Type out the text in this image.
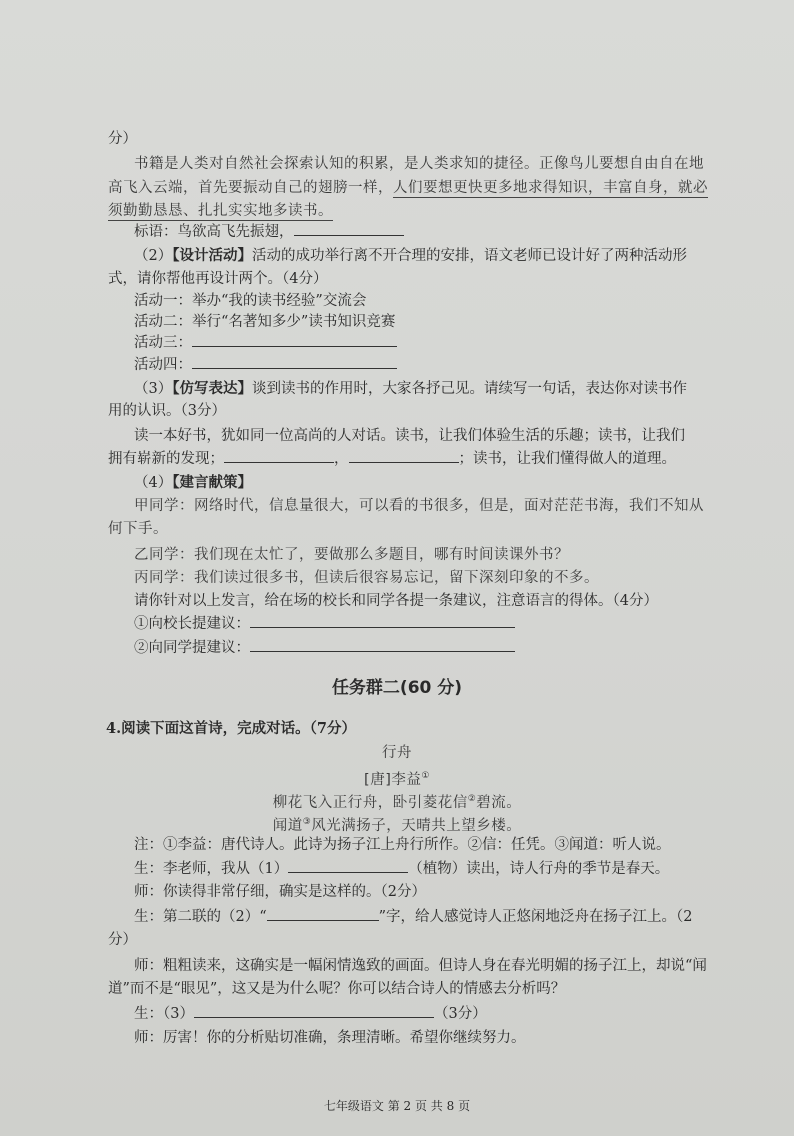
分）
书籍是人类对自然社会探索认知的积累，是人类求知的捷径。正像鸟儿要想自由自在地
高飞入云端，首先要振动自己的翅膀一样，人们要想更快更多地求得知识，丰富自身，就必
须勤勤恳恳、扎扎实实地多读书。
标语：鸟欲高飞先振翅，
（2）【设计活动】活动的成功举行离不开合理的安排，语文老师已设计好了两种活动形
式，请你帮他再设计两个。（4分）
活动一：举办“我的读书经验”交流会
活动二：举行“名著知多少”读书知识竞赛
活动三：
活动四：
（3）【仿写表达】谈到读书的作用时，大家各抒己见。请续写一句话，表达你对读书作
用的认识。（3分）
读一本好书，犹如同一位高尚的人对话。读书，让我们体验生活的乐趣；读书，让我们
拥有崭新的发现；	，	；读书，让我们懂得做人的道理。
（4）【建言献策】
甲同学：网络时代，信息量很大，可以看的书很多，但是，面对茫茫书海，我们不知从
何下手。
乙同学：我们现在太忙了，要做那么多题目，哪有时间读课外书？
丙同学：我们读过很多书，但读后很容易忘记，留下深刻印象的不多。
请你针对以上发言，给在场的校长和同学各提一条建议，注意语言的得体。（4分）
①向校长提建议：
②向同学提建议：
任务群二(60 分)
4.阅读下面这首诗，完成对话。（7分）
行舟
[唐]李益①
柳花飞入正行舟，卧引菱花信②碧流。
闻道③风光满扬子，天晴共上望乡楼。
注：①李益：唐代诗人。此诗为扬子江上舟行所作。②信：任凭。③闻道：听人说。
生：李老师，我从（1）	（植物）读出，诗人行舟的季节是春天。
师：你读得非常仔细，确实是这样的。（2分）
生：第二联的（2）“	”字，给人感觉诗人正悠闲地泛舟在扬子江上。（2
分）
师：粗粗读来，这确实是一幅闲情逸致的画面。但诗人身在春光明媚的扬子江上，却说“闻
道”而不是“眼见”，这又是为什么呢？你可以结合诗人的情感去分析吗？
生：（3）	（3分）
师：厉害！你的分析贴切准确，条理清晰。希望你继续努力。
七年级语文 第 2 页 共 8 页
